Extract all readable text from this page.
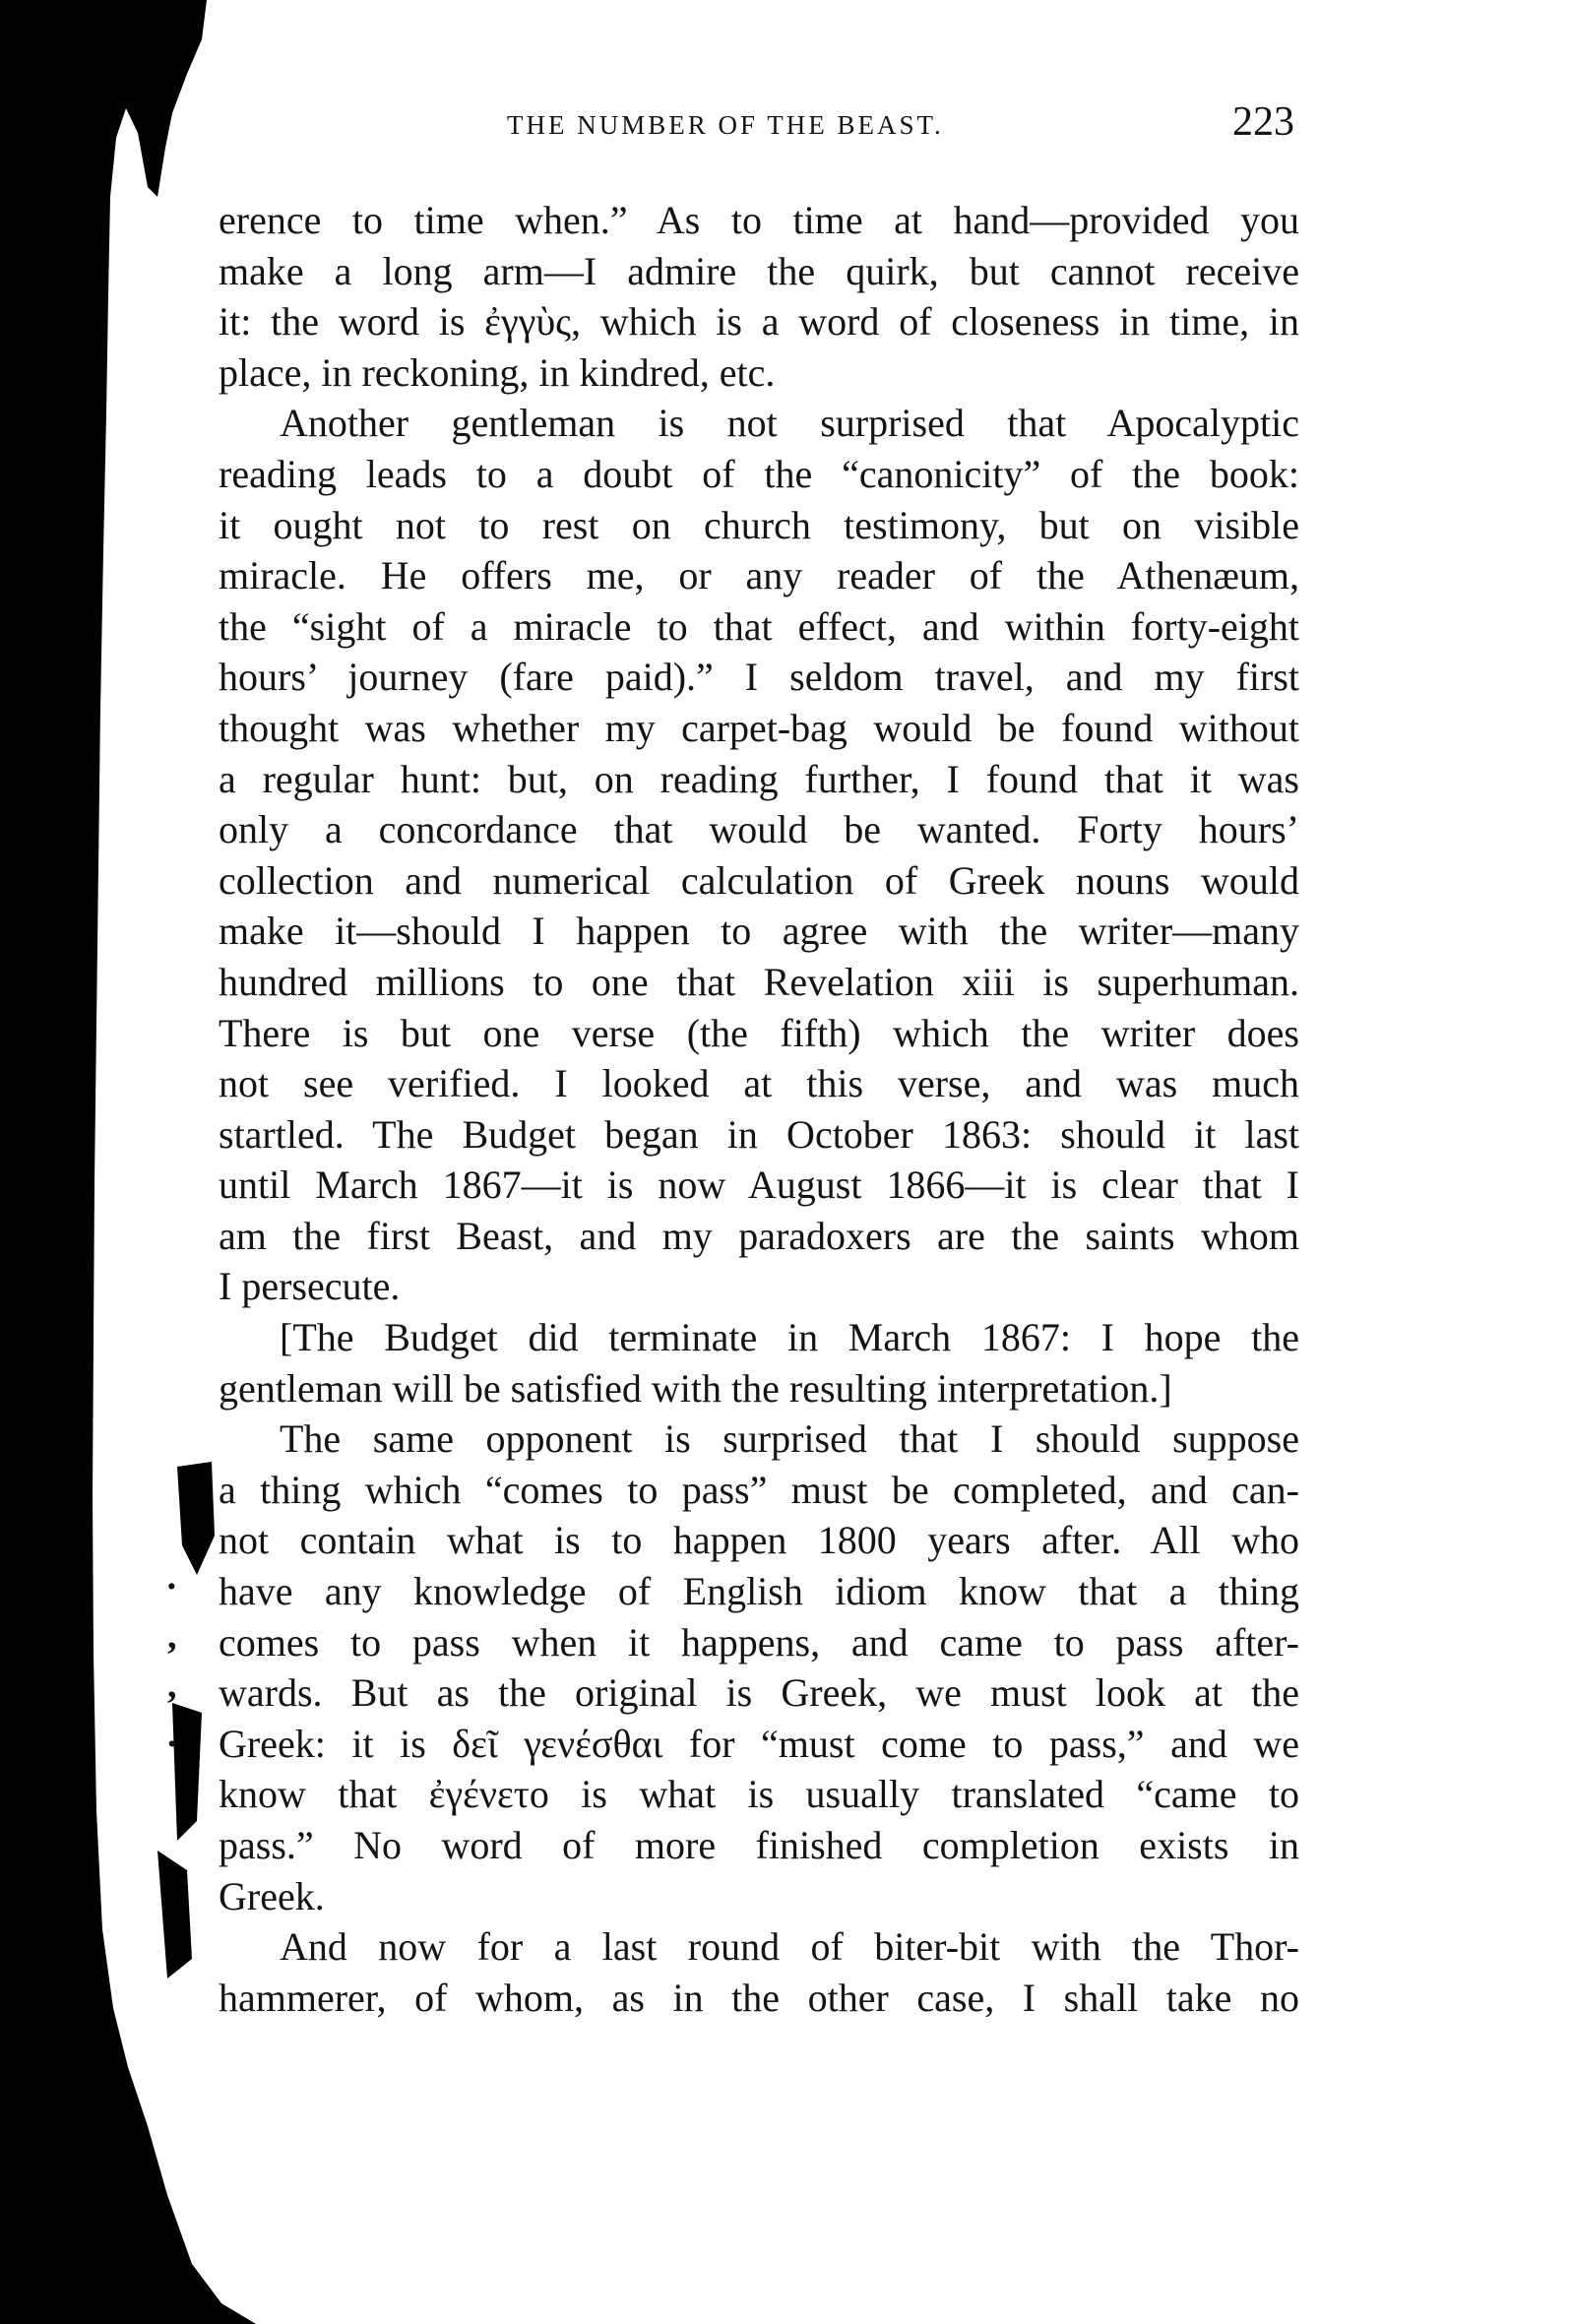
THE NUMBER OF THE BEAST.	223
erence to time when.” As to time at hand—provided you
make a long arm—I admire the quirk, but cannot receive
it: the word is ἐγγὺς, which is a word of closeness in time, in
place, in reckoning, in kindred, etc.
Another gentleman is not surprised that Apocalyptic
reading leads to a doubt of the “canonicity” of the book:
it ought not to rest on church testimony, but on visible
miracle. He offers me, or any reader of the Athenæum,
the “sight of a miracle to that effect, and within forty-eight
hours’ journey (fare paid).” I seldom travel, and my first
thought was whether my carpet-bag would be found without
a regular hunt: but, on reading further, I found that it was
only a concordance that would be wanted. Forty hours’
collection and numerical calculation of Greek nouns would
make it—should I happen to agree with the writer—many
hundred millions to one that Revelation xiii is superhuman.
There is but one verse (the fifth) which the writer does
not see verified. I looked at this verse, and was much
startled. The Budget began in October 1863: should it last
until March 1867—it is now August 1866—it is clear that I
am the first Beast, and my paradoxers are the saints whom
I persecute.
[The Budget did terminate in March 1867: I hope the
gentleman will be satisfied with the resulting interpretation.]
The same opponent is surprised that I should suppose
a thing which “comes to pass” must be completed, and can-
not contain what is to happen 1800 years after. All who
have any knowledge of English idiom know that a thing
comes to pass when it happens, and came to pass after-
wards. But as the original is Greek, we must look at the
Greek: it is δεῖ γενέσθαι for “must come to pass,” and we
know that ἐγένετο is what is usually translated “came to
pass.” No word of more finished completion exists in
Greek.
And now for a last round of biter-bit with the Thor-
hammerer, of whom, as in the other case, I shall take no
·
,
,
.
